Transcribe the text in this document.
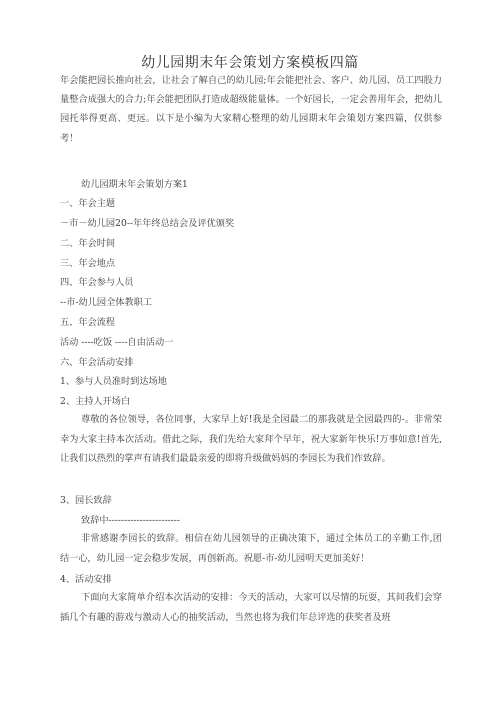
幼儿园期末年会策划方案模板四篇
年会能把园长推向社会，让社会了解自己的幼儿园;年会能把社会、客户、幼儿园、员工四股力量整合成强大的合力;年会能把团队打造成超级能量体。一个好园长，一定会善用年会，把幼儿园托举得更高、更远。以下是小编为大家精心整理的幼儿园期末年会策划方案四篇，仅供参考！
幼儿园期末年会策划方案1
一、年会主题
－市－幼儿园20--年年终总结会及评优颁奖
二、年会时间
三、年会地点
四、年会参与人员
--市-幼儿园全体教职工
五、年会流程
活动 ----吃饭 ----自由活动一
六、年会活动安排
1、参与人员准时到达场地
2、主持人开场白
尊敬的各位领导，各位同事，大家早上好!我是全园最二的那我就是全园最四的-。非常荣幸为大家主持本次活动。借此之际，我们先给大家拜个早年，祝大家新年快乐!万事如意!首先,让我们以热烈的掌声有请我们最最亲爱的即将升级做妈妈的李园长为我们作致辞。
3、园长致辞
致辞中-----------------------
非常感谢李园长的致辞。相信在幼儿园领导的正确决策下，通过全体员工的辛勤工作,团结一心，幼儿园一定会稳步发展，再创新高。祝愿-市-幼儿园明天更加美好！
4、活动安排
下面向大家简单介绍本次活动的安排：今天的活动，大家可以尽情的玩耍，其间我们会穿插几个有趣的游戏与激动人心的抽奖活动，当然也将为我们年总评选的获奖者及班
